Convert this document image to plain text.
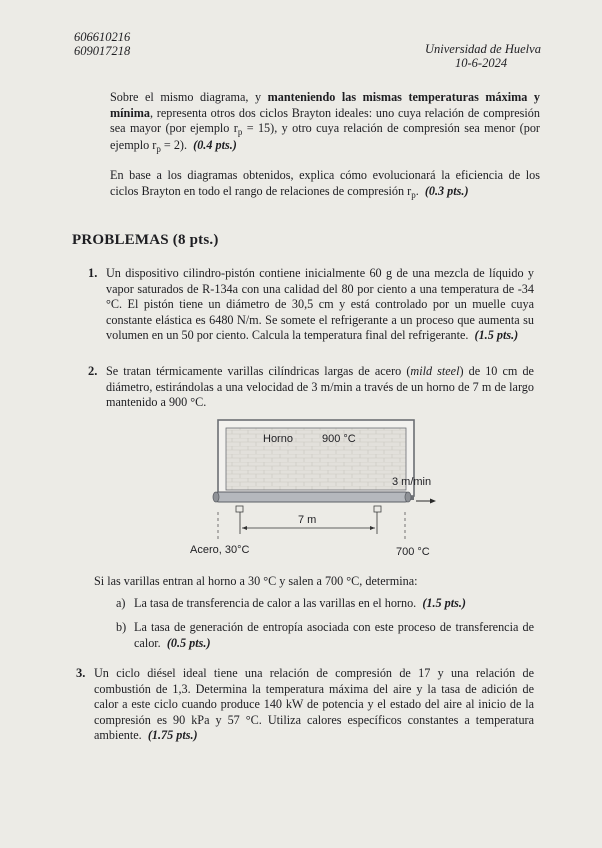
606610216
609017218	Universidad de Huelva
10-6-2024

Sobre el mismo diagrama, y manteniendo las mismas temperaturas máxima y mínima, representa otros dos ciclos Brayton ideales: uno cuya relación de compresión sea mayor (por ejemplo $r_p = 15$), y otro cuya relación de compresión sea menor (por ejemplo $r_p = 2$). (0.4 pts.)

En base a los diagramas obtenidos, explica cómo evolucionará la eficiencia de los ciclos Brayton en todo el rango de relaciones de compresión $r_p$. (0.3 pts.)

PROBLEMAS (8 pts.)
1. Un dispositivo cilindro-pistón contiene inicialmente 60 g de una mezcla de líquido y vapor saturados de R-134a con una calidad del 80 por ciento a una temperatura de -34 °C. El pistón tiene un diámetro de 30,5 cm y está controlado por un muelle cuya constante elástica es 6480 N/m. Se somete el refrigerante a un proceso que aumenta su volumen en un 50 por ciento. Calcula la temperatura final del refrigerante. (1.5 pts.)

2. Se tratan térmicamente varillas cilíndricas largas de acero (mild steel) de 10 cm de diámetro, estirándolas a una velocidad de 3 m/min a través de un horno de 7 m de largo mantenido a 900 °C.

Horno	900 °C
3 m/min
7 m
Acero, 30°C	700 °C
Si las varillas entran al horno a 30 °C y salen a 700 °C, determina:
a) La tasa de transferencia de calor a las varillas en el horno. (1.5 pts.)

b) La tasa de generación de entropía asociada con este proceso de transferencia de calor. (0.5 pts.)

3. Un ciclo diésel ideal tiene una relación de compresión de 17 y una relación de combustión de 1,3. Determina la temperatura máxima del aire y la tasa de adición de calor a este ciclo cuando produce 140 kW de potencia y el estado del aire al inicio de la compresión es 90 kPa y 57 °C. Utiliza calores específicos constantes a temperatura ambiente. (1.75 pts.)
